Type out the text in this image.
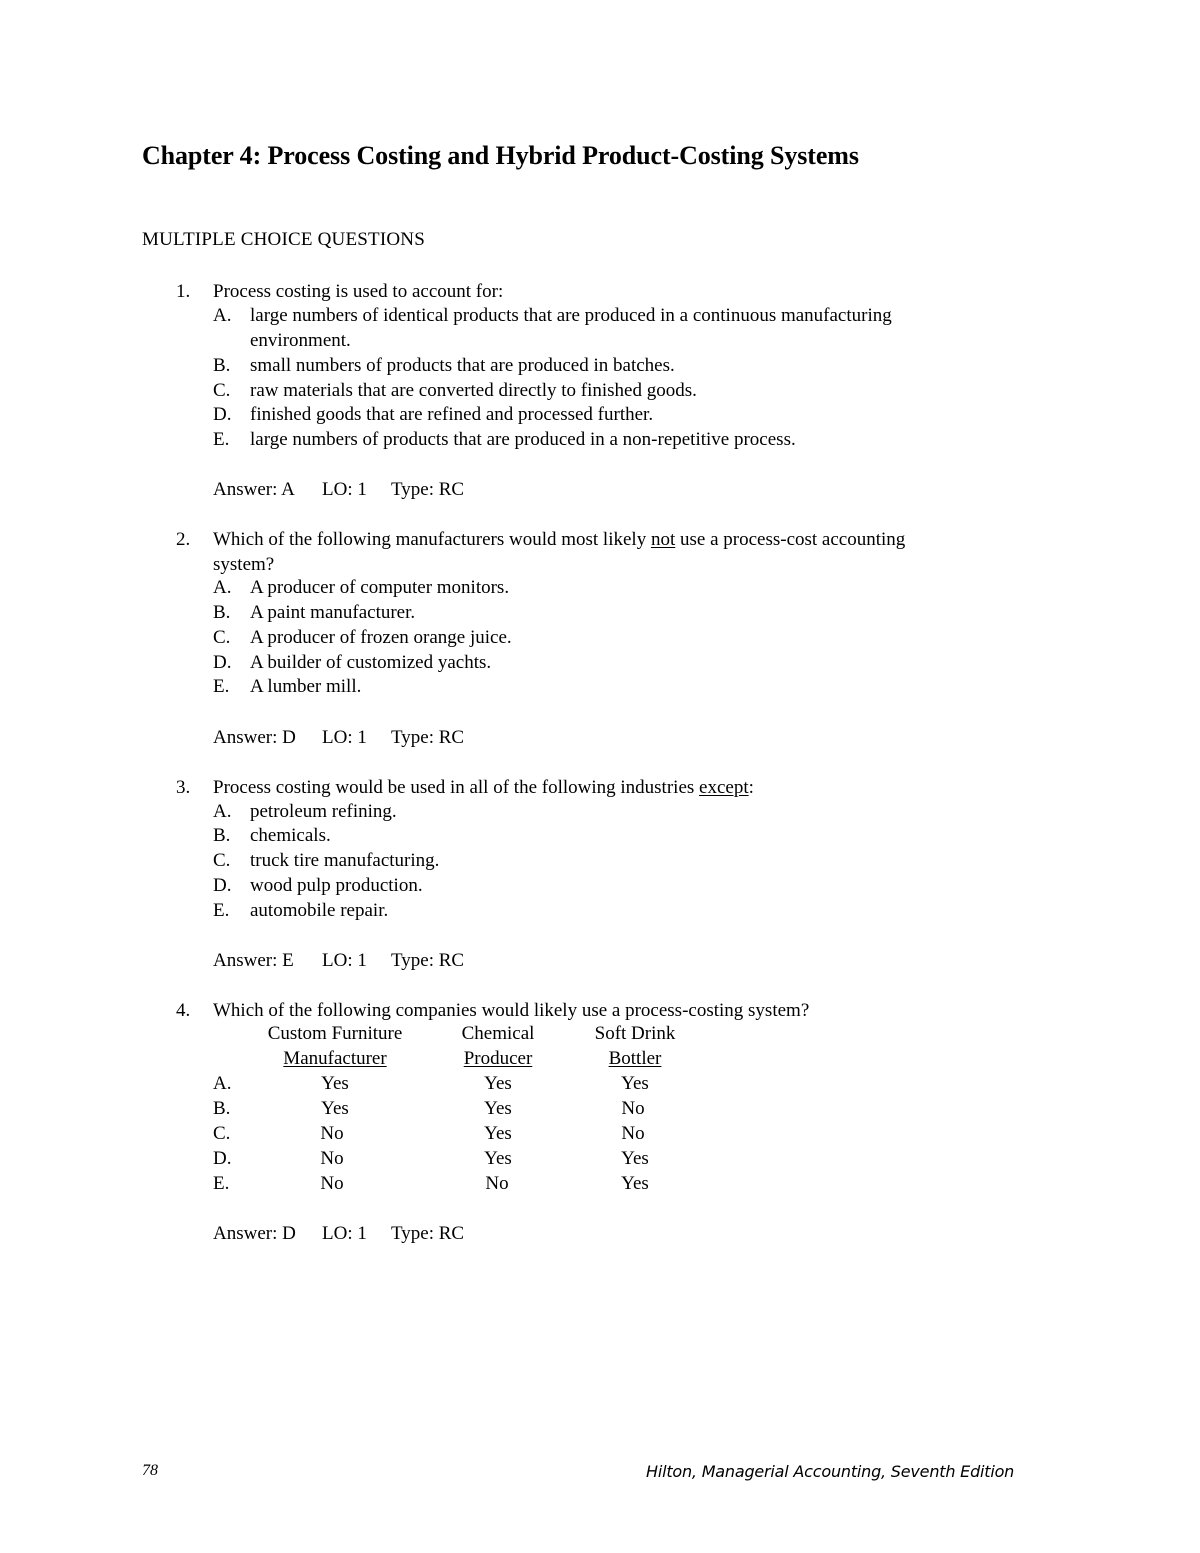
Chapter 4: Process Costing and Hybrid Product-Costing Systems
MULTIPLE CHOICE QUESTIONS
1. Process costing is used to account for:
A. large numbers of identical products that are produced in a continuous manufacturing
environment.
B. small numbers of products that are produced in batches.
C. raw materials that are converted directly to finished goods.
D. finished goods that are refined and processed further.
E. large numbers of products that are produced in a non-repetitive process.
Answer: A LO: 1 Type: RC
2. Which of the following manufacturers would most likely not use a process-cost accounting
system?
A. A producer of computer monitors.
B. A paint manufacturer.
C. A producer of frozen orange juice.
D. A builder of customized yachts.
E. A lumber mill.
Answer: D LO: 1 Type: RC
3. Process costing would be used in all of the following industries except:
A. petroleum refining.
B. chemicals.
C. truck tire manufacturing.
D. wood pulp production.
E. automobile repair.
Answer: E LO: 1 Type: RC
4. Which of the following companies would likely use a process-costing system?
Custom Furniture	Chemical	Soft Drink
Manufacturer	Producer	Bottler
A.	Yes	Yes	Yes
B.	Yes	Yes	No
C.	No	Yes	No
D.	No	Yes	Yes
E.	No	No	Yes
Answer: D LO: 1 Type: RC
78	Hilton, Managerial Accounting, Seventh Edition
